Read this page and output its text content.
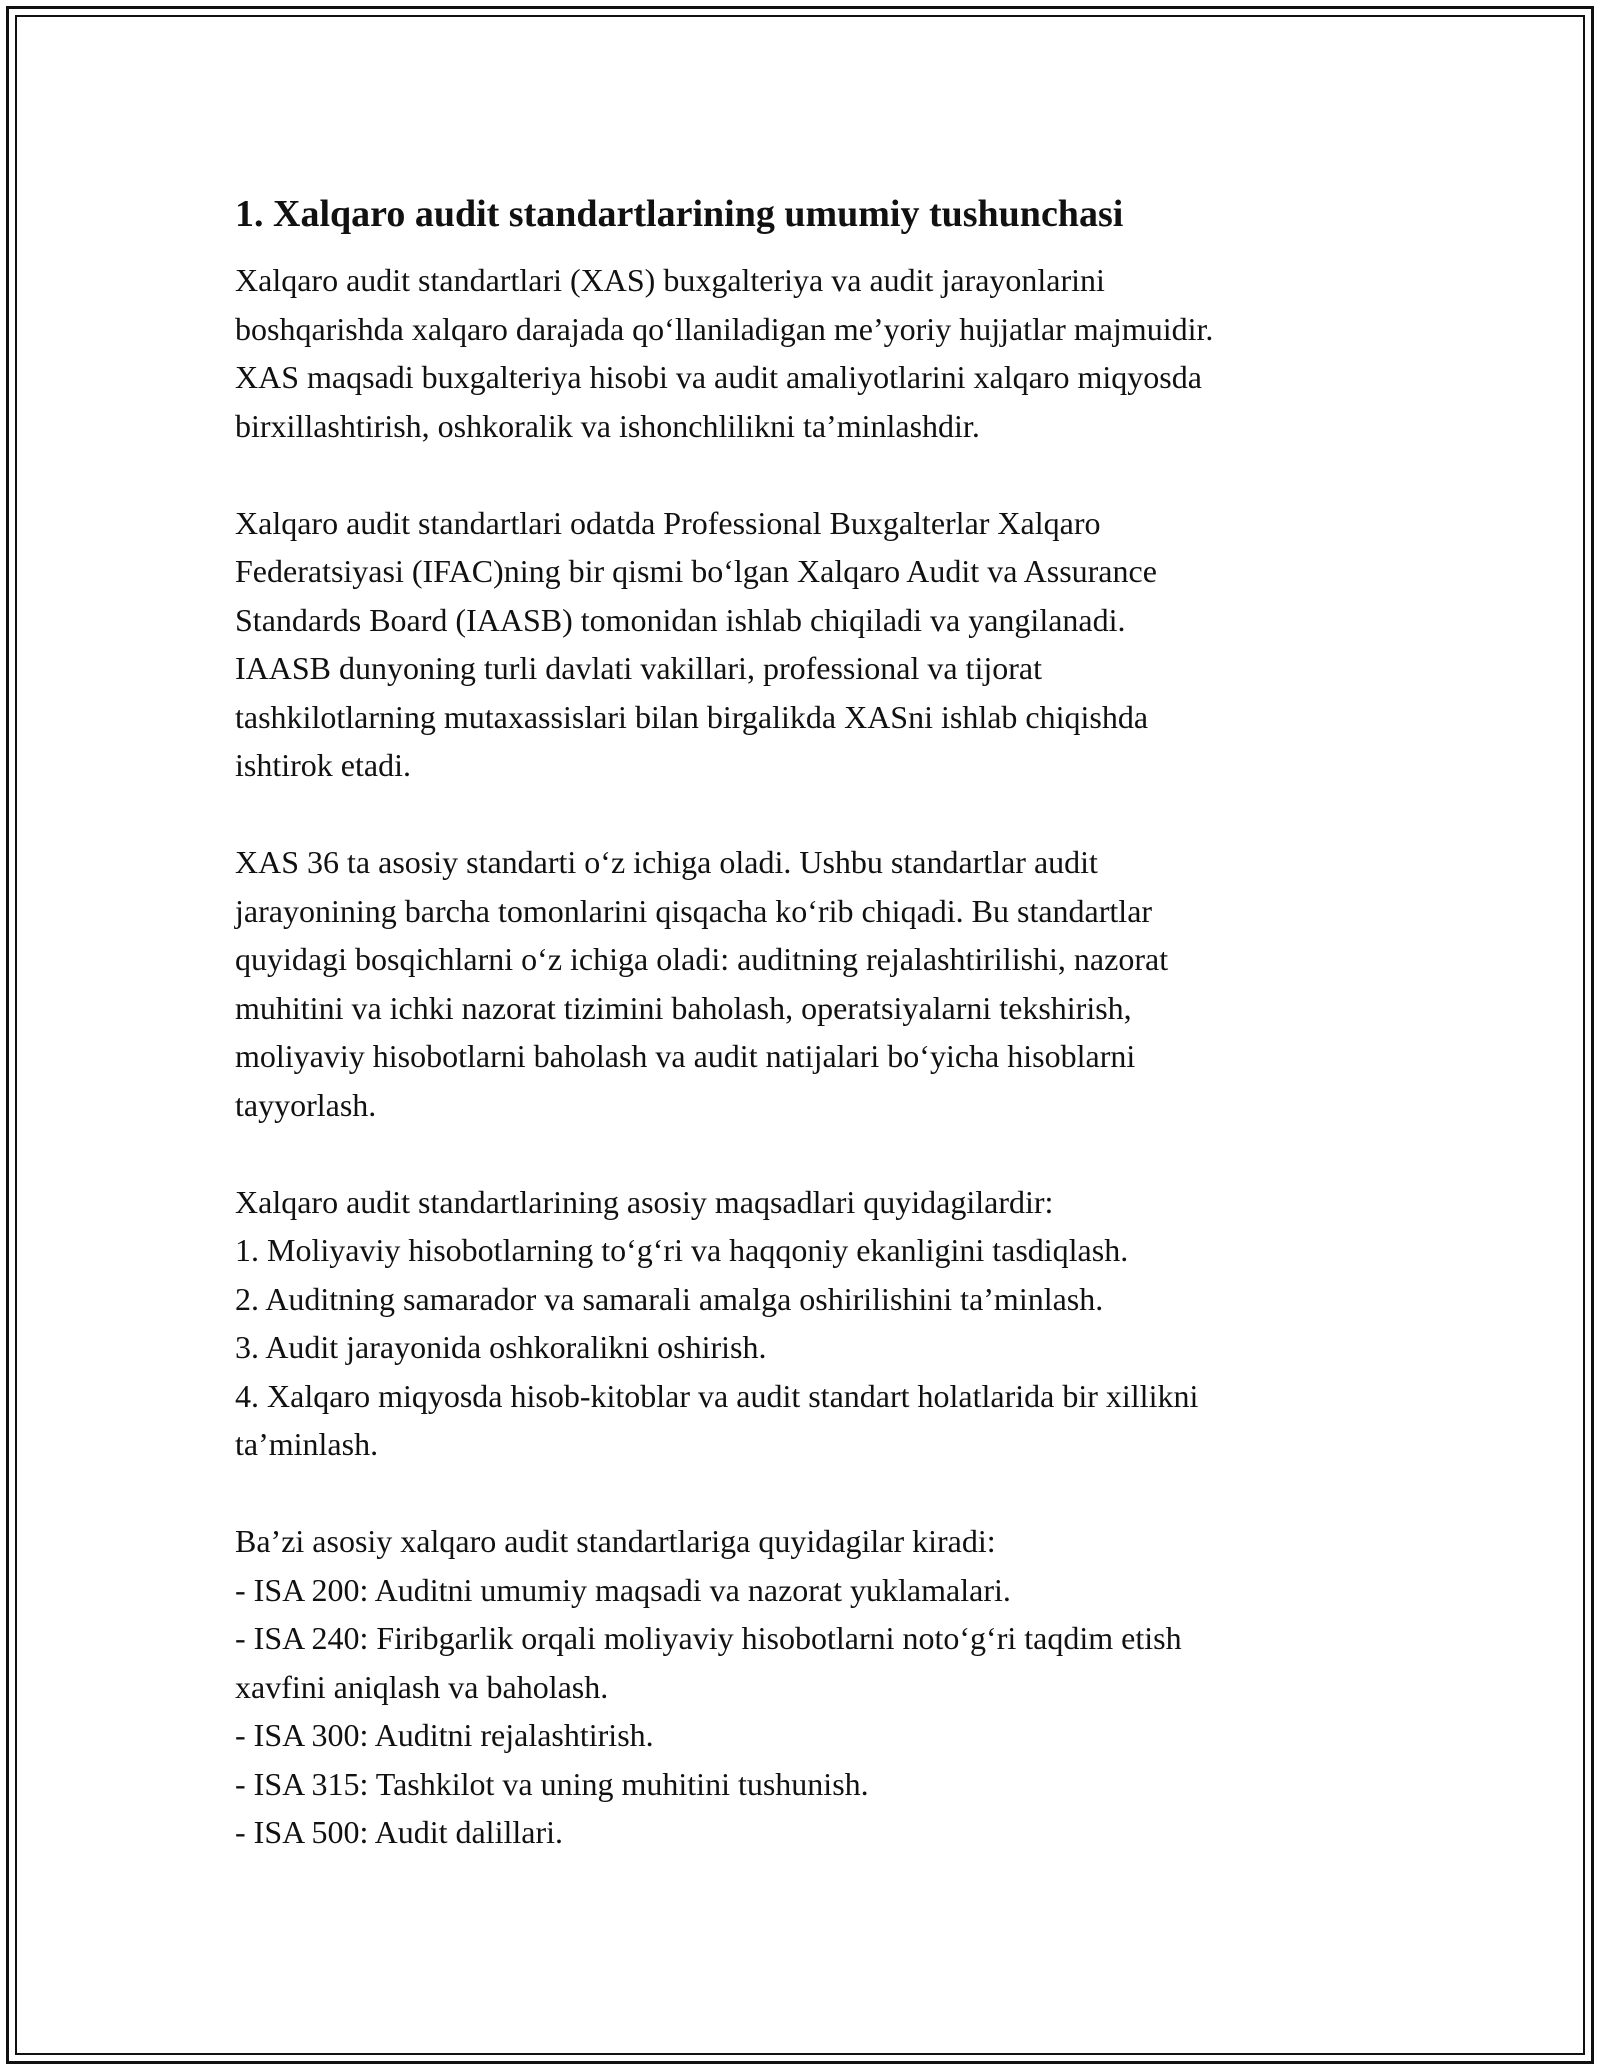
1. Xalqaro audit standartlarining umumiy tushunchasi

Xalqaro audit standartlari (XAS) buxgalteriya va audit jarayonlarini
boshqarishda xalqaro darajada qo‘llaniladigan me’yoriy hujjatlar majmuidir.
XAS maqsadi buxgalteriya hisobi va audit amaliyotlarini xalqaro miqyosda
birxillashtirish, oshkoralik va ishonchlilikni ta’minlashdir.

Xalqaro audit standartlari odatda Professional Buxgalterlar Xalqaro
Federatsiyasi (IFAC)ning bir qismi bo‘lgan Xalqaro Audit va Assurance
Standards Board (IAASB) tomonidan ishlab chiqiladi va yangilanadi.
IAASB dunyoning turli davlati vakillari, professional va tijorat
tashkilotlarning mutaxassislari bilan birgalikda XASni ishlab chiqishda
ishtirok etadi.

XAS 36 ta asosiy standarti o‘z ichiga oladi. Ushbu standartlar audit
jarayonining barcha tomonlarini qisqacha ko‘rib chiqadi. Bu standartlar
quyidagi bosqichlarni o‘z ichiga oladi: auditning rejalashtirilishi, nazorat
muhitini va ichki nazorat tizimini baholash, operatsiyalarni tekshirish,
moliyaviy hisobotlarni baholash va audit natijalari bo‘yicha hisoblarni
tayyorlash.

Xalqaro audit standartlarining asosiy maqsadlari quyidagilardir:
1. Moliyaviy hisobotlarning to‘g‘ri va haqqoniy ekanligini tasdiqlash.
2. Auditning samarador va samarali amalga oshirilishini ta’minlash.
3. Audit jarayonida oshkoralikni oshirish.
4. Xalqaro miqyosda hisob-kitoblar va audit standart holatlarida bir xillikni
ta’minlash.

Ba’zi asosiy xalqaro audit standartlariga quyidagilar kiradi:
- ISA 200: Auditni umumiy maqsadi va nazorat yuklamalari.
- ISA 240: Firibgarlik orqali moliyaviy hisobotlarni noto‘g‘ri taqdim etish
xavfini aniqlash va baholash.
- ISA 300: Auditni rejalashtirish.
- ISA 315: Tashkilot va uning muhitini tushunish.
- ISA 500: Audit dalillari.
